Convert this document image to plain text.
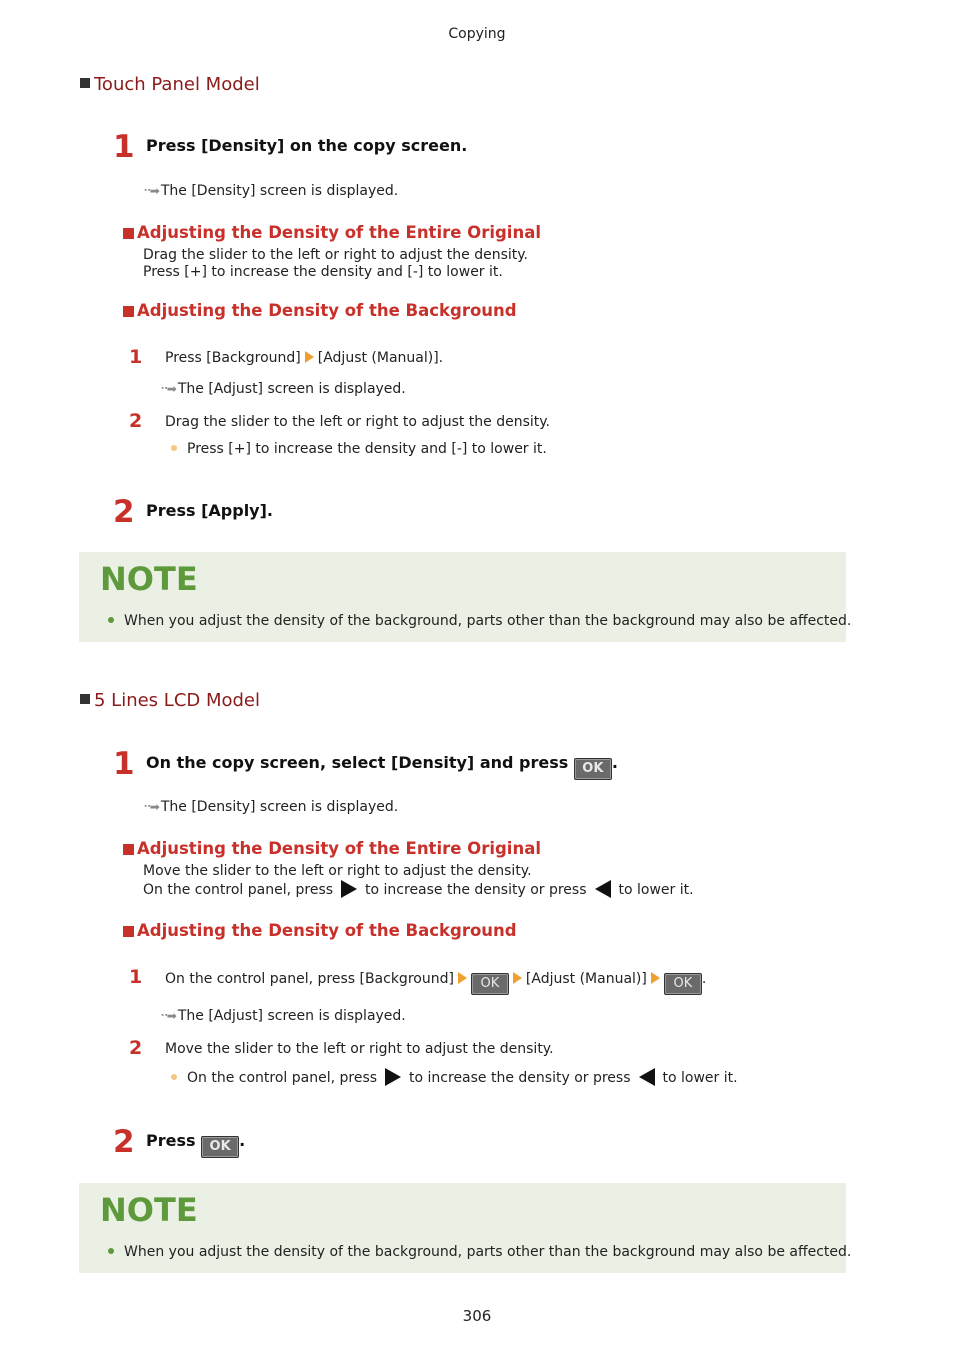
Copying
Touch Panel Model
1 Press [Density] on the copy screen.
⠒➡ The [Density] screen is displayed.
Adjusting the Density of the Entire Original
Drag the slider to the left or right to adjust the density.
Press [+] to increase the density and [-] to lower it.
Adjusting the Density of the Background
1 Press [Background] [Adjust (Manual)].
⠒➡ The [Adjust] screen is displayed.
2 Drag the slider to the left or right to adjust the density.
Press [+] to increase the density and [-] to lower it.
2 Press [Apply].
NOTE
When you adjust the density of the background, parts other than the background may also be affected.
5 Lines LCD Model
1 On the copy screen, select [Density] and press OK .
⠒➡ The [Density] screen is displayed.
Adjusting the Density of the Entire Original
Move the slider to the left or right to adjust the density.
On the control panel, press to increase the density or press to lower it.
Adjusting the Density of the Background
1 On the control panel, press [Background] OK [Adjust (Manual)] OK .
⠒➡ The [Adjust] screen is displayed.
2 Move the slider to the left or right to adjust the density.
On the control panel, press to increase the density or press to lower it.
2 Press OK .
NOTE
When you adjust the density of the background, parts other than the background may also be affected.
306
